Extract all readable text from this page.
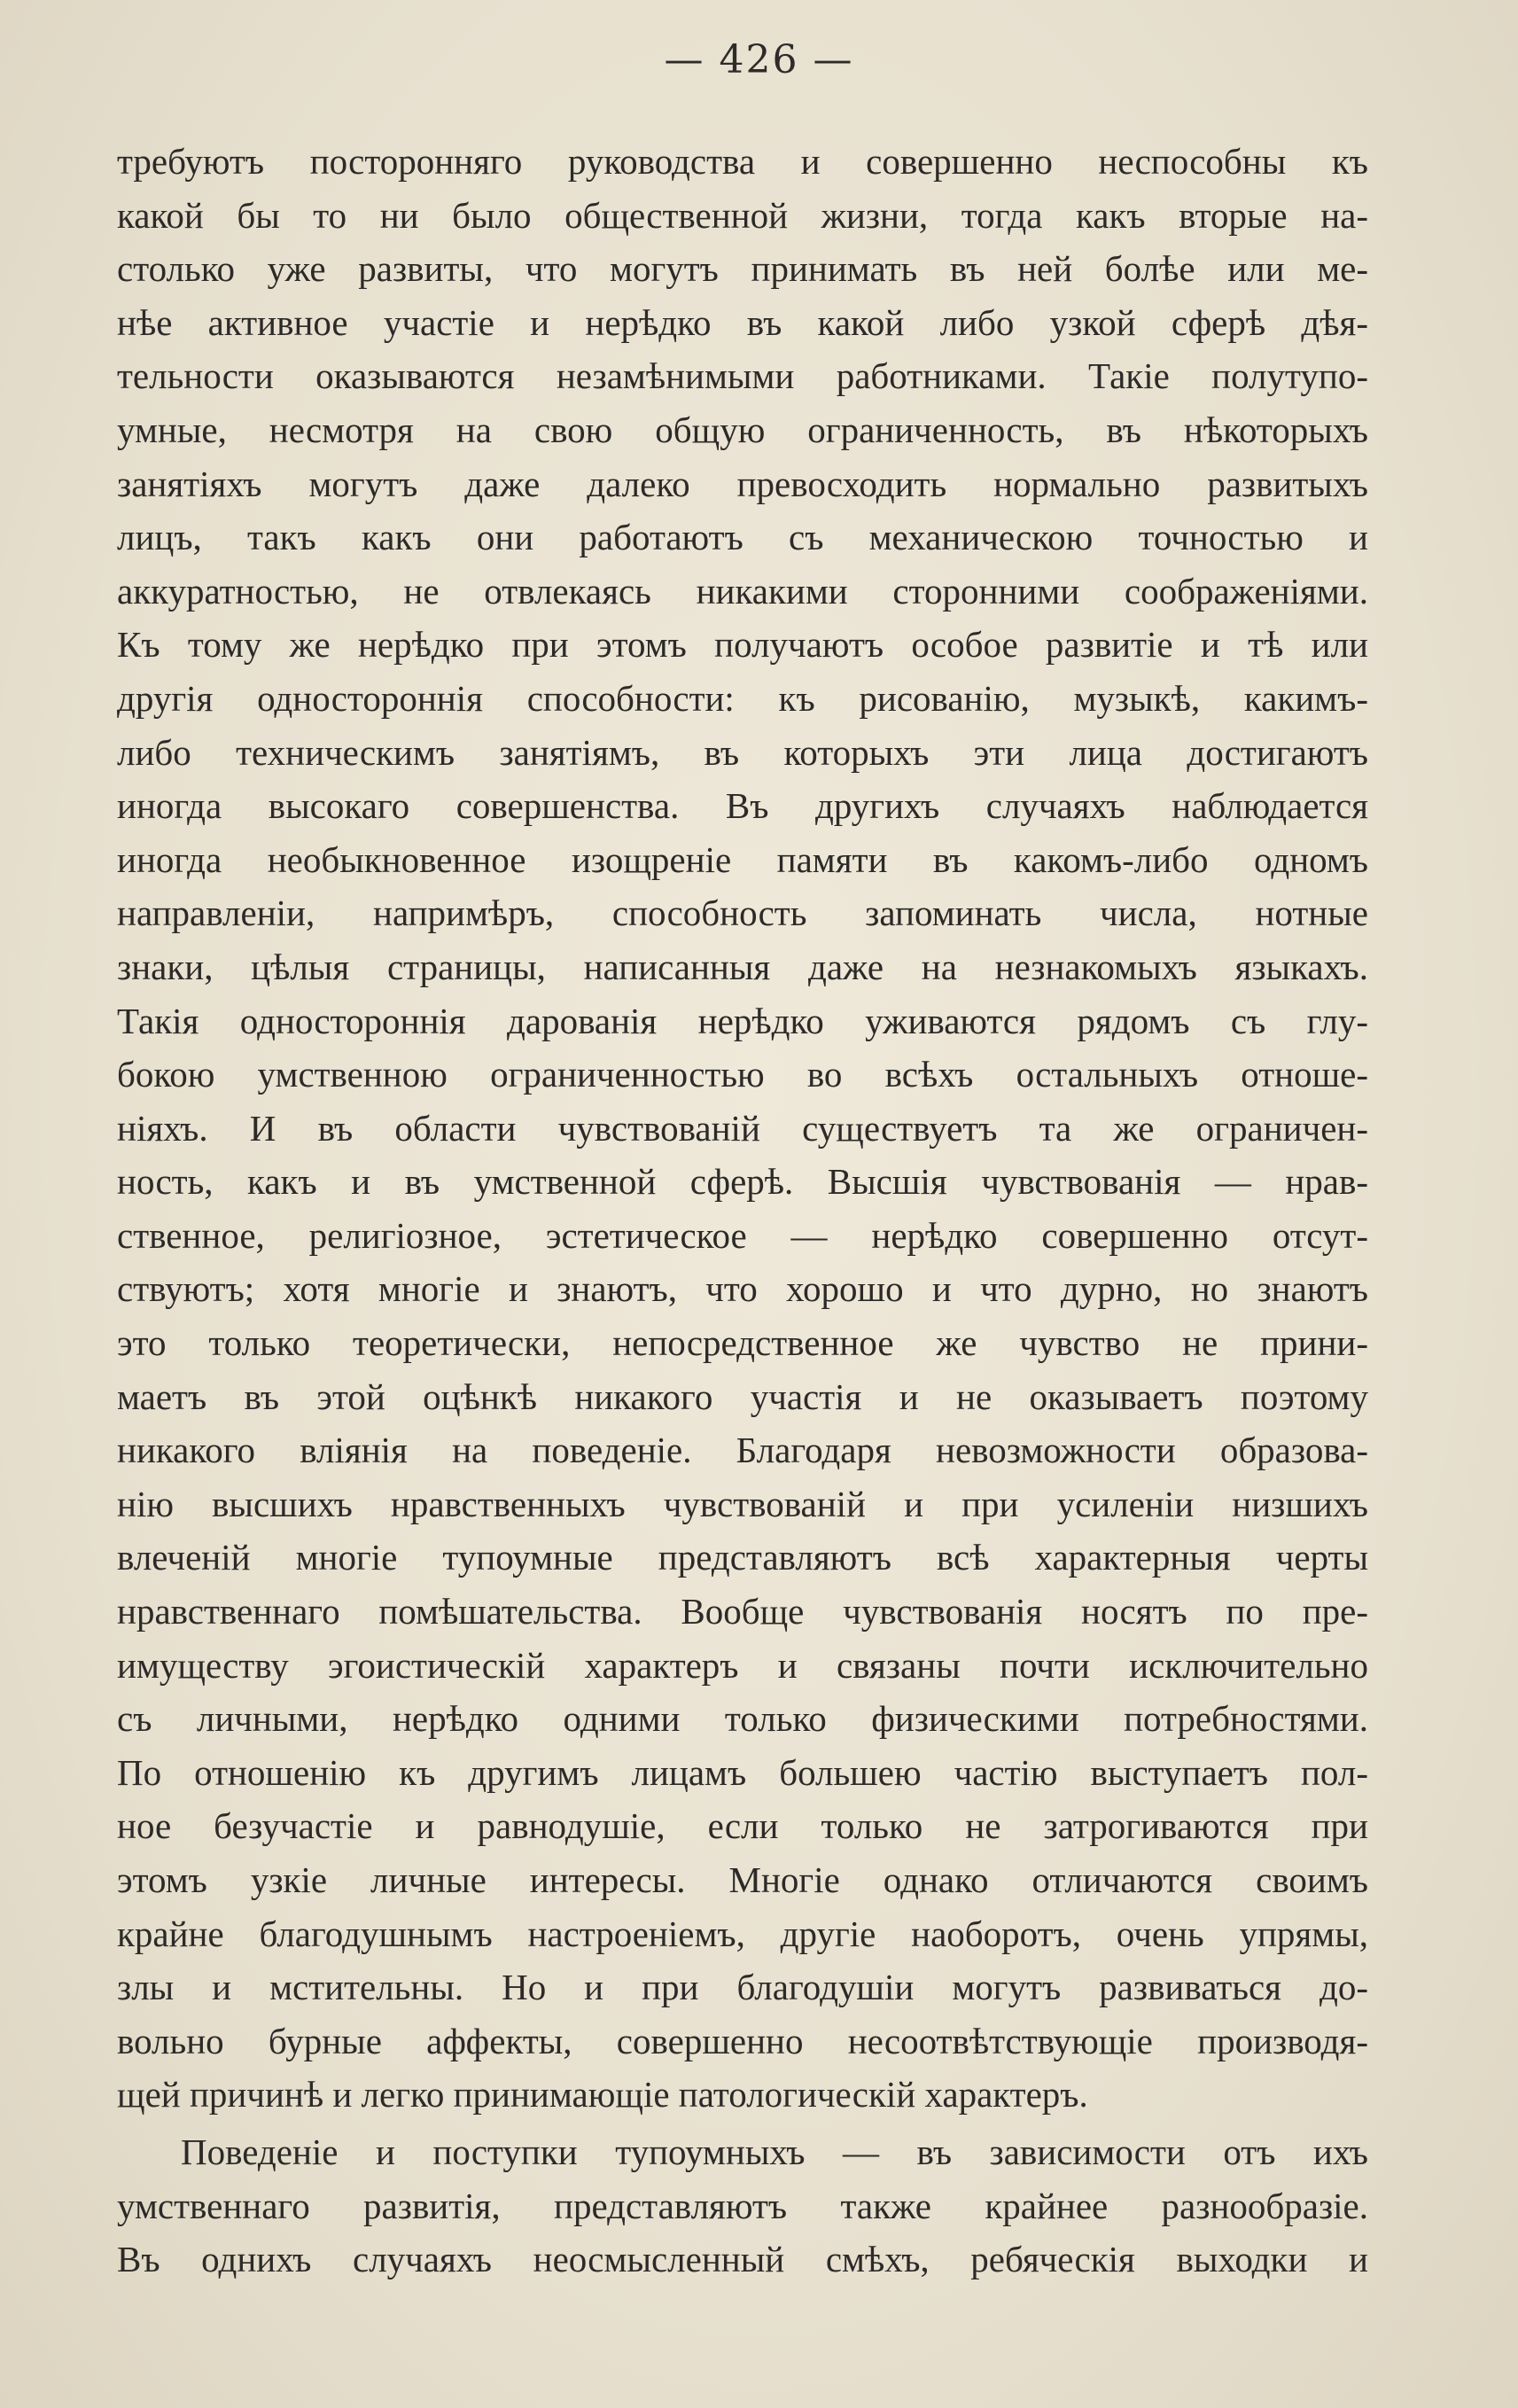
— 426 —
требуютъ посторонняго руководства и совершенно неспособны къ
какой бы то ни было общественной жизни, тогда какъ вторые на-
столько уже развиты, что могутъ принимать въ ней болѣе или ме-
нѣе активное участіе и нерѣдко въ какой либо узкой сферѣ дѣя-
тельности оказываются незамѣнимыми работниками. Такіе полутупо-
умные, несмотря на свою общую ограниченность, въ нѣкоторыхъ
занятіяхъ могутъ даже далеко превосходить нормально развитыхъ
лицъ, такъ какъ они работаютъ съ механическою точностью и
аккуратностью, не отвлекаясь никакими сторонними соображеніями.
Къ тому же нерѣдко при этомъ получаютъ особое развитіе и тѣ или
другія одностороннія способности: къ рисованію, музыкѣ, какимъ-
либо техническимъ занятіямъ, въ которыхъ эти лица достигаютъ
иногда высокаго совершенства. Въ другихъ случаяхъ наблюдается
иногда необыкновенное изощреніе памяти въ какомъ-либо одномъ
направленіи, напримѣръ, способность запоминать числа, нотные
знаки, цѣлыя страницы, написанныя даже на незнакомыхъ языкахъ.
Такія одностороннія дарованія нерѣдко уживаются рядомъ съ глу-
бокою умственною ограниченностью во всѣхъ остальныхъ отноше-
ніяхъ. И въ области чувствованій существуетъ та же ограничен-
ность, какъ и въ умственной сферѣ. Высшія чувствованія — нрав-
ственное, религіозное, эстетическое — нерѣдко совершенно отсут-
ствуютъ; хотя многіе и знаютъ, что хорошо и что дурно, но знаютъ
это только теоретически, непосредственное же чувство не прини-
маетъ въ этой оцѣнкѣ никакого участія и не оказываетъ поэтому
никакого вліянія на поведеніе. Благодаря невозможности образова-
нію высшихъ нравственныхъ чувствованій и при усиленіи низшихъ
влеченій многіе тупоумные представляютъ всѣ характерныя черты
нравственнаго помѣшательства. Вообще чувствованія носятъ по пре-
имуществу эгоистическій характеръ и связаны почти исключительно
съ личными, нерѣдко одними только физическими потребностями.
По отношенію къ другимъ лицамъ большею частію выступаетъ пол-
ное безучастіе и равнодушіе, если только не затрогиваются при
этомъ узкіе личные интересы. Многіе однако отличаются своимъ
крайне благодушнымъ настроеніемъ, другіе наоборотъ, очень упрямы,
злы и мстительны. Но и при благодушіи могутъ развиваться до-
вольно бурные аффекты, совершенно несоотвѣтствующіе производя-
щей причинѣ и легко принимающіе патологическій характеръ.
Поведеніе и поступки тупоумныхъ — въ зависимости отъ ихъ
умственнаго развитія, представляютъ также крайнее разнообразіе.
Въ однихъ случаяхъ неосмысленный смѣхъ, ребяческія выходки и
